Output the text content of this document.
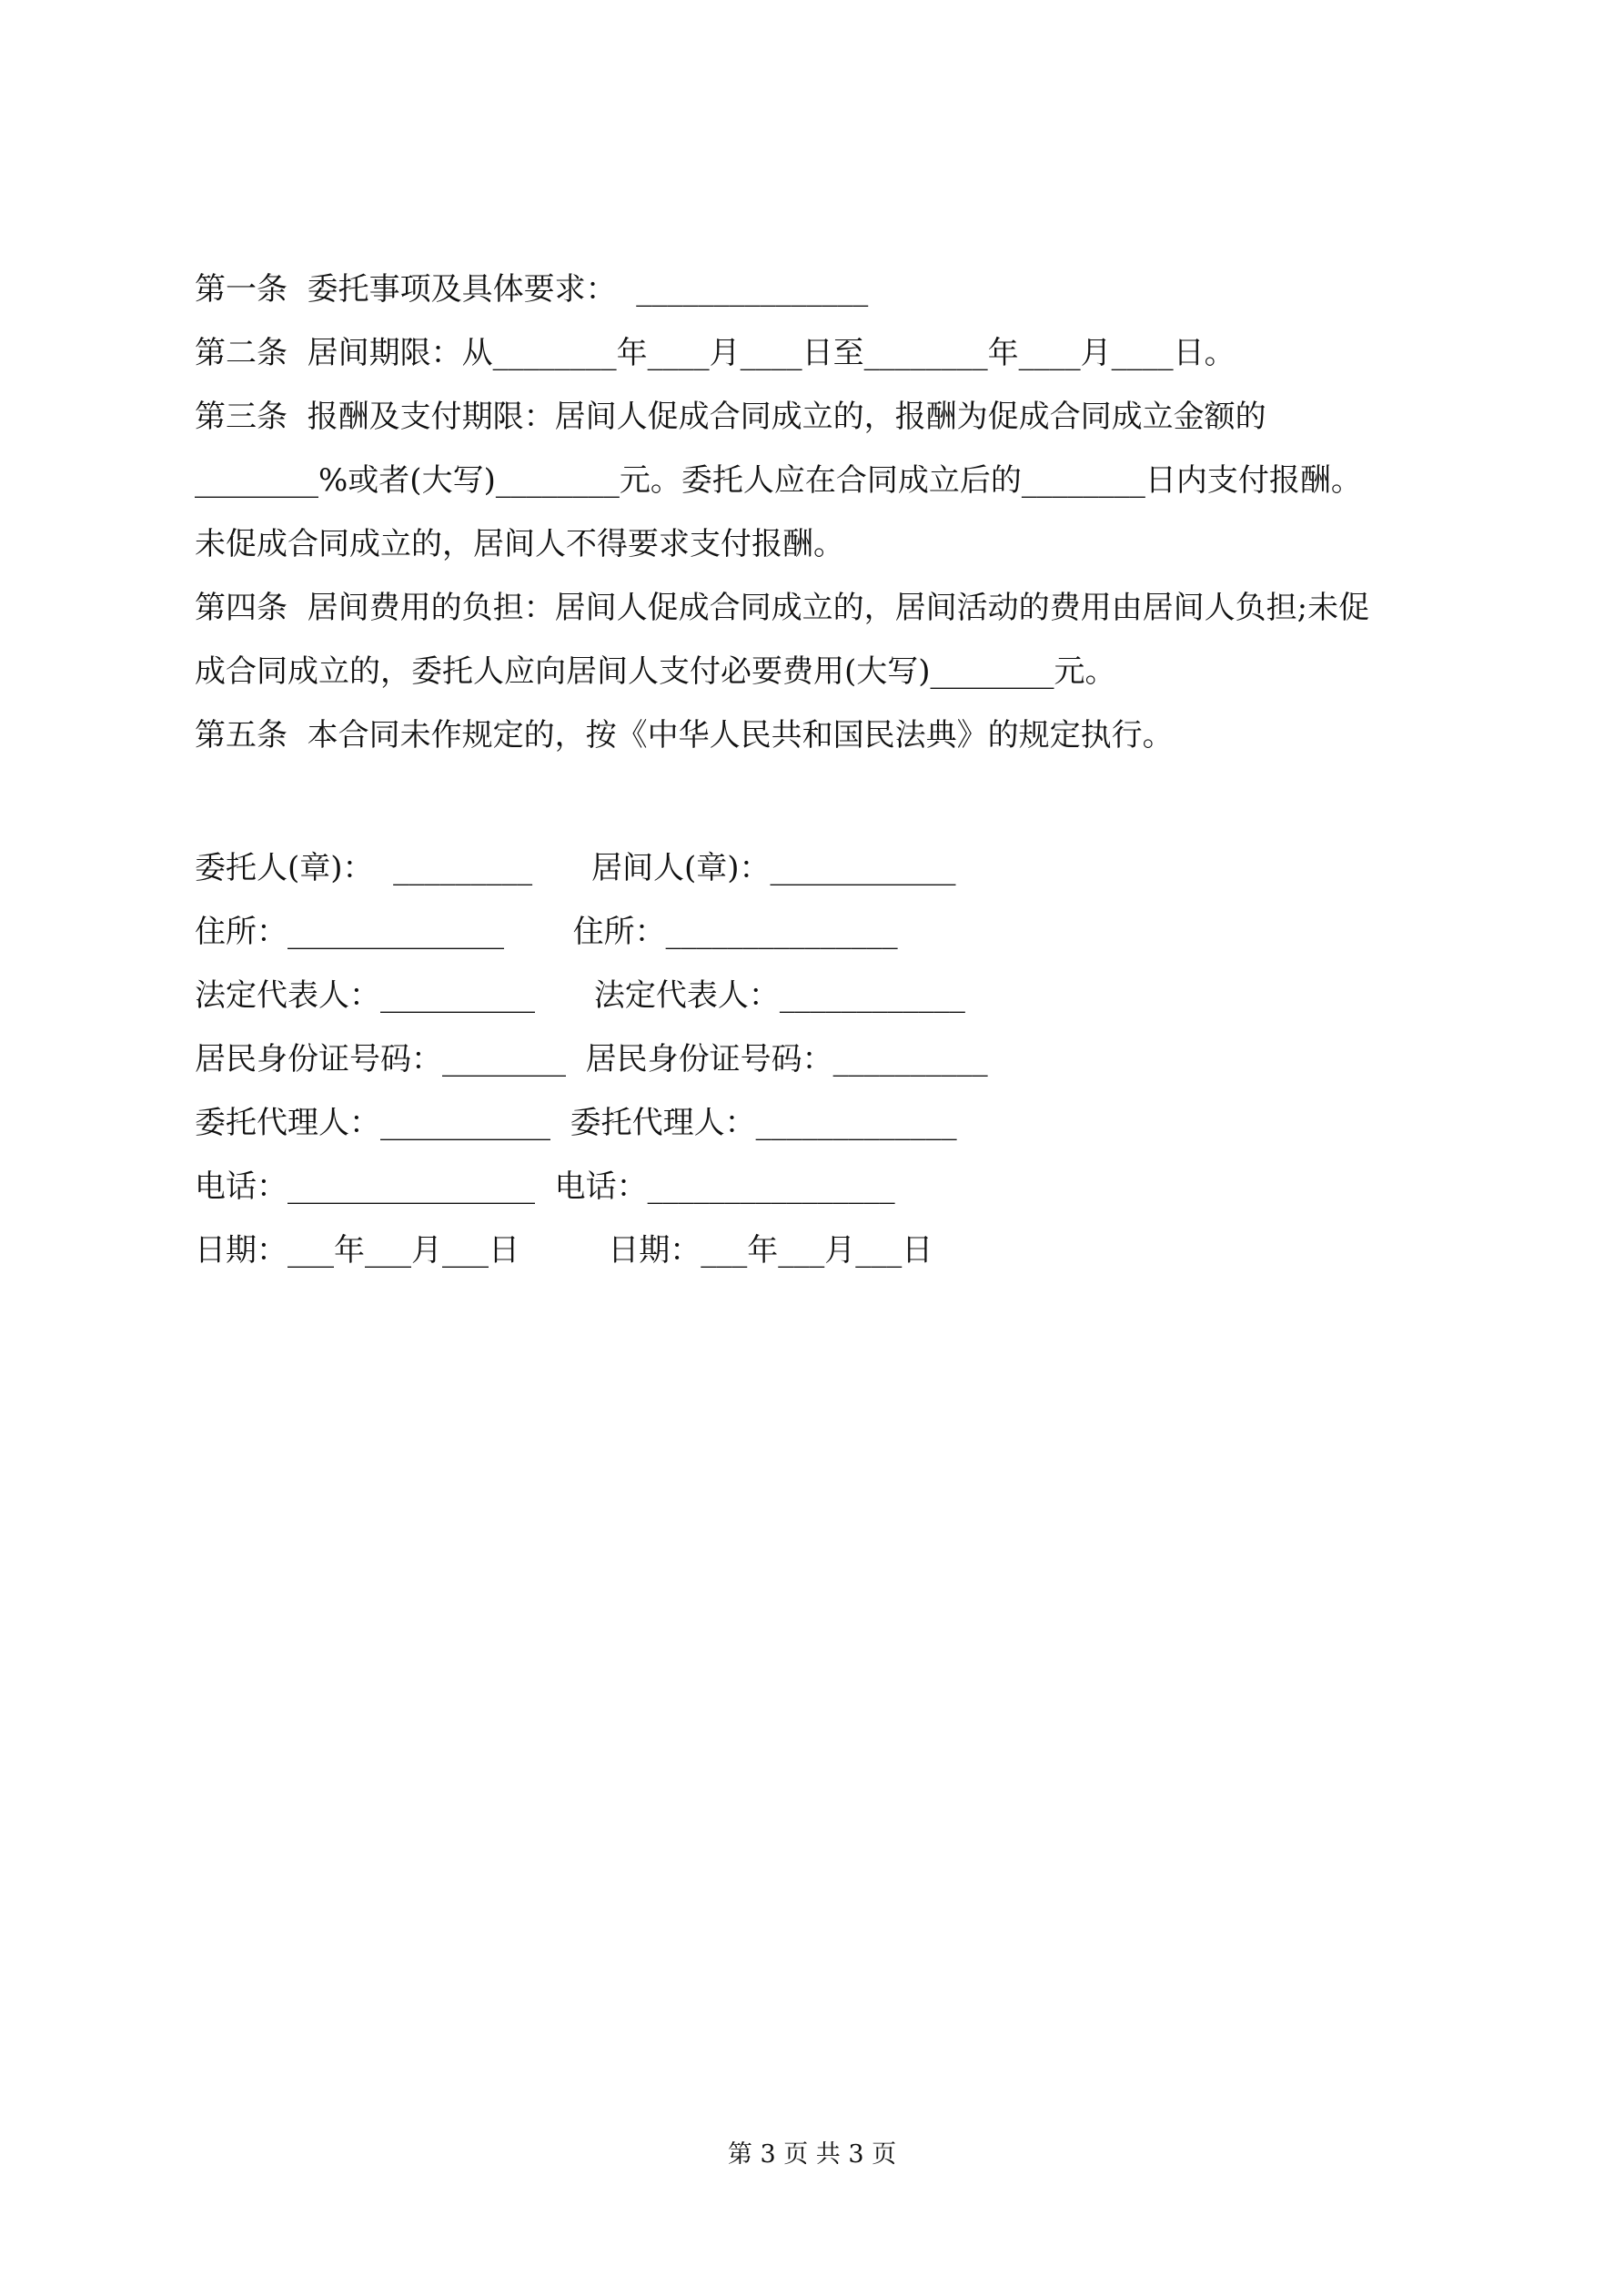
第一条  委托事项及具体要求：  _______________
第二条  居间期限：从________年____月____日至________年____月____日。
第三条  报酬及支付期限：居间人促成合同成立的，报酬为促成合同成立金额的
________%或者(大写)________元。委托人应在合同成立后的________日内支付报酬。
未促成合同成立的，居间人不得要求支付报酬。
第四条  居间费用的负担：居间人促成合同成立的，居间活动的费用由居间人负担;未促
成合同成立的，委托人应向居间人支付必要费用(大写)________元。
第五条  本合同未作规定的，按《中华人民共和国民法典》的规定执行。
委托人(章)：  _________      居间人(章)：____________
住所：______________       住所：_______________
法定代表人：__________      法定代表人：____________
居民身份证号码：________  居民身份证号码：__________
委托代理人：___________  委托代理人：_____________
电话：________________  电话：________________
日期：___年___月___日         日期：___年___月___日
第 3 页 共 3 页
